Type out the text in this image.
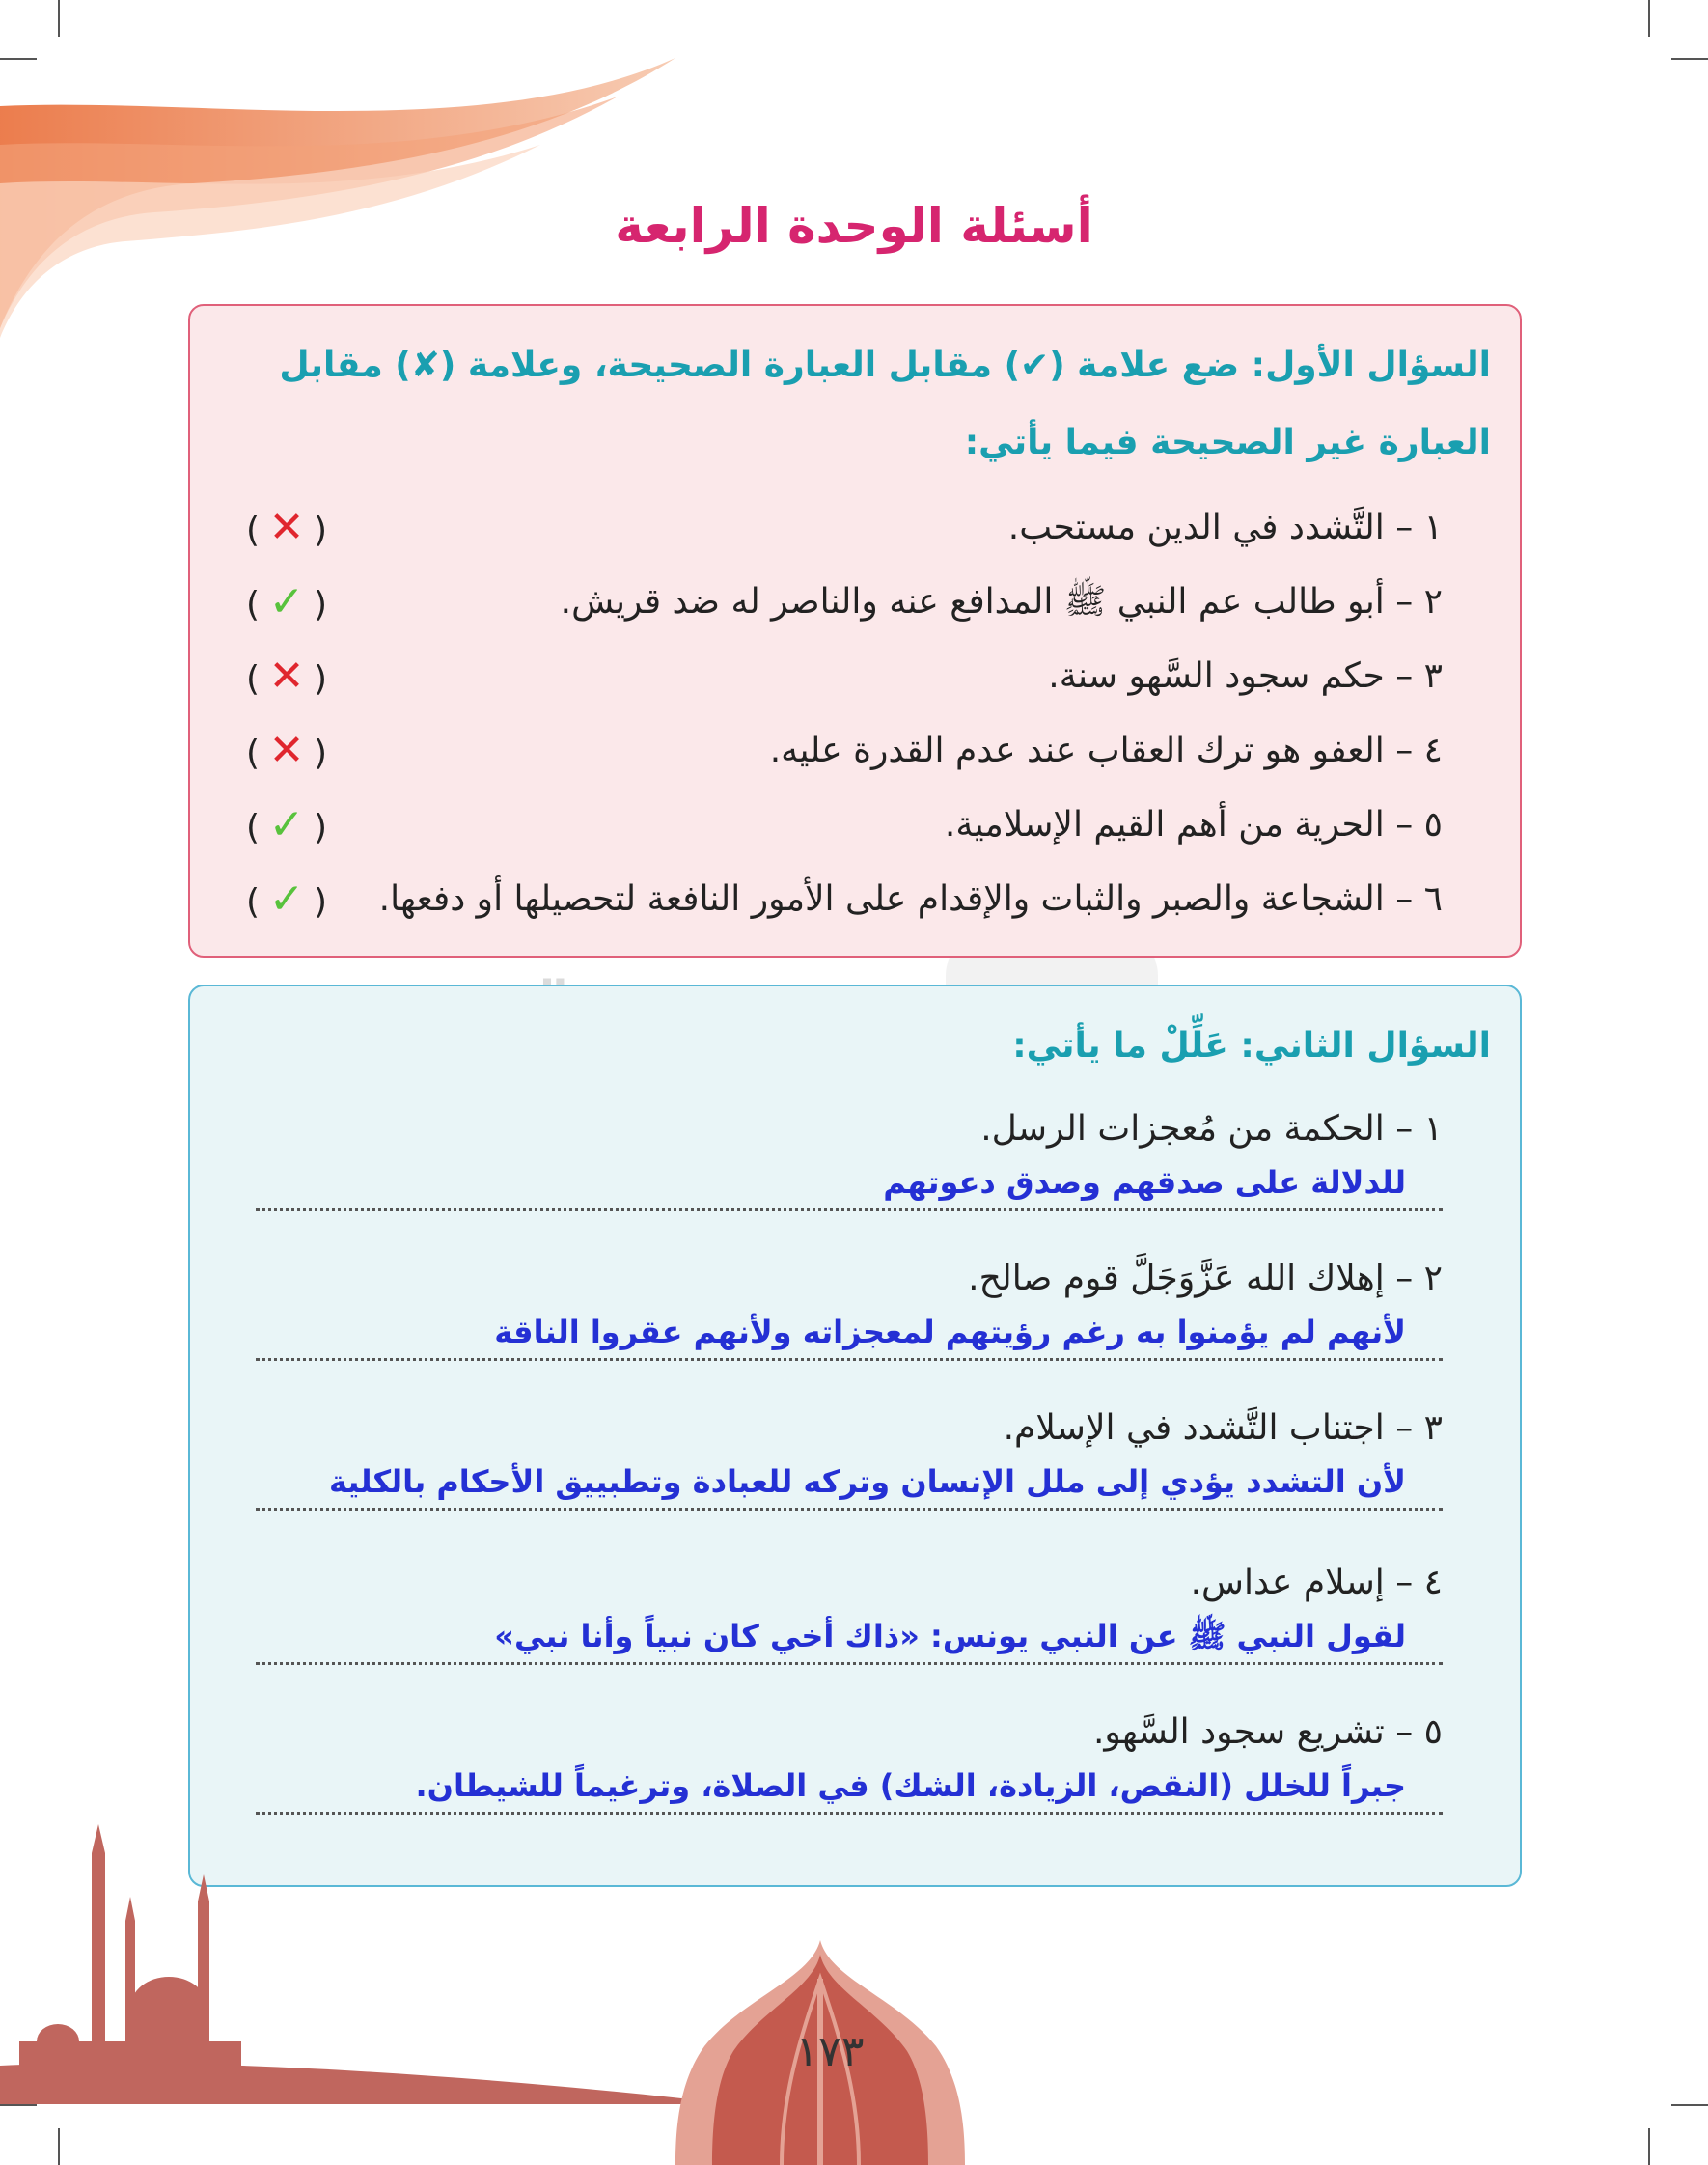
أسئلة الوحدة الرابعة
السؤال الأول: ضع علامة (✔) مقابل العبارة الصحيحة، وعلامة (✘) مقابل العبارة غير الصحيحة فيما يأتي:
١ – التَّشدد في الدين مستحب.
( ✕ )
٢ – أبو طالب عم النبي ﷺ المدافع عنه والناصر له ضد قريش.
( ✓ )
٣ – حكم سجود السَّهو سنة.
( ✕ )
٤ – العفو هو ترك العقاب عند عدم القدرة عليه.
( ✕ )
٥ – الحرية من أهم القيم الإسلامية.
( ✓ )
٦ – الشجاعة والصبر والثبات والإقدام على الأمور النافعة لتحصيلها أو دفعها.
( ✓ )
السؤال الثاني: عَلِّلْ ما يأتي:
١ – الحكمة من مُعجزات الرسل.
للدلالة على صدقهم وصدق دعوتهم
٢ – إهلاك الله عَزَّوَجَلَّ قوم صالح.
لأنهم لم يؤمنوا به رغم رؤيتهم لمعجزاته ولأنهم عقروا الناقة
٣ – اجتناب التَّشدد في الإسلام.
لأن التشدد يؤدي إلى ملل الإنسان وتركه للعبادة وتطبييق الأحكام بالكلية
٤ – إسلام عداس.
لقول النبي ﷺ عن النبي يونس: «ذاك أخي كان نبياً وأنا نبي»
٥ – تشريع سجود السَّهو.
جبراً للخلل (النقص، الزيادة، الشك) في الصلاة، وترغيماً للشيطان.
١٧٣
